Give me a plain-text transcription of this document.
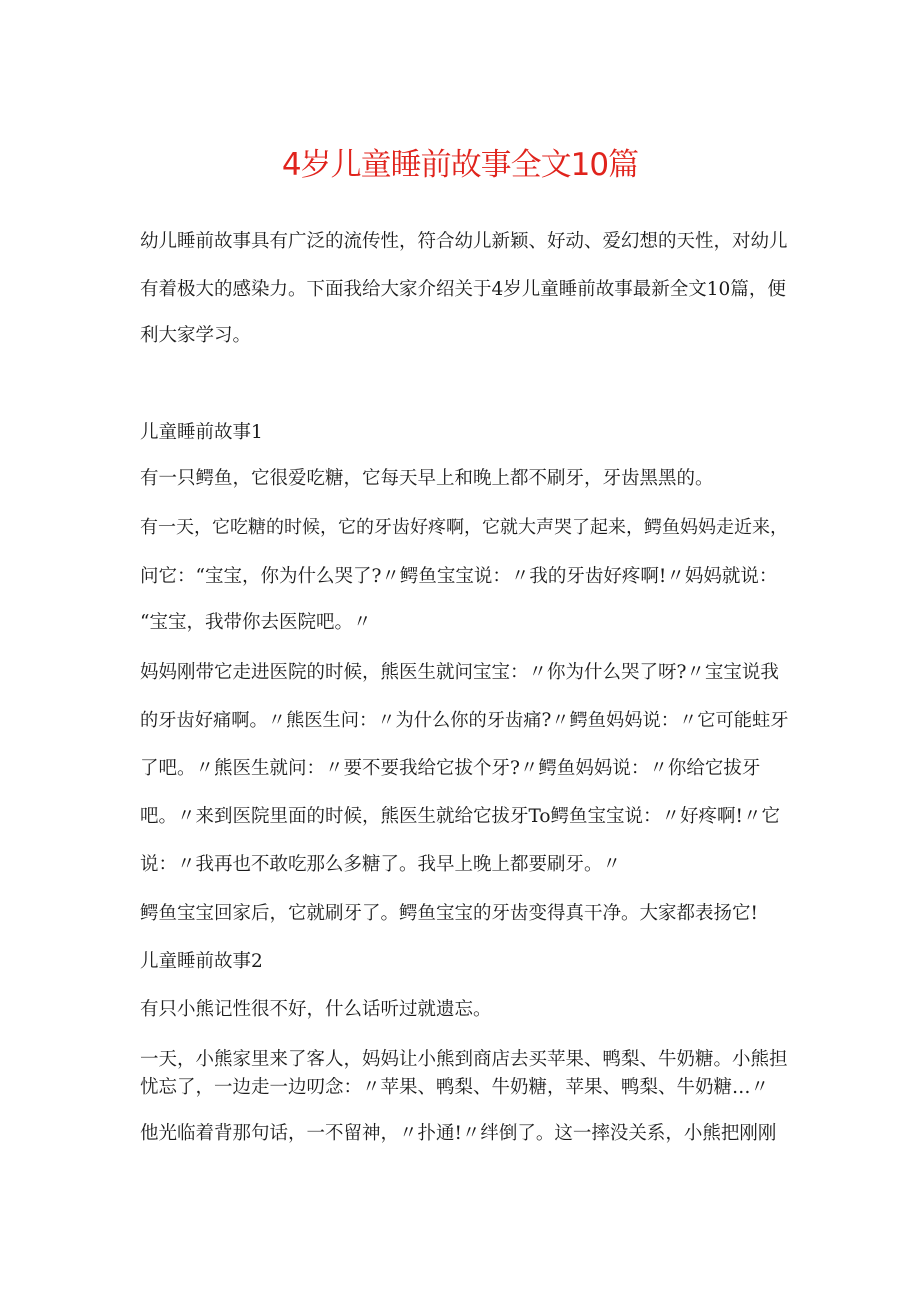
4岁儿童睡前故事全文10篇
幼儿睡前故事具有广泛的流传性，符合幼儿新颖、好动、爱幻想的天性，对幼儿
有着极大的感染力。下面我给大家介绍关于4岁儿童睡前故事最新全文10篇，便
利大家学习。
儿童睡前故事1
有一只鳄鱼，它很爱吃糖，它每天早上和晚上都不刷牙，牙齿黑黑的。
有一天，它吃糖的时候，它的牙齿好疼啊，它就大声哭了起来，鳄鱼妈妈走近来，
问它：“宝宝，你为什么哭了?〃鳄鱼宝宝说：〃我的牙齿好疼啊!〃妈妈就说：
“宝宝，我带你去医院吧。〃
妈妈刚带它走进医院的时候，熊医生就问宝宝：〃你为什么哭了呀?〃宝宝说我
的牙齿好痛啊。〃熊医生问：〃为什么你的牙齿痛?〃鳄鱼妈妈说：〃它可能蛀牙
了吧。〃熊医生就问：〃要不要我给它拔个牙?〃鳄鱼妈妈说：〃你给它拔牙
吧。〃来到医院里面的时候，熊医生就给它拔牙To鳄鱼宝宝说：〃好疼啊!〃它
说：〃我再也不敢吃那么多糖了。我早上晚上都要刷牙。〃
鳄鱼宝宝回家后，它就刷牙了。鳄鱼宝宝的牙齿变得真干净。大家都表扬它!
儿童睡前故事2
有只小熊记性很不好，什么话听过就遗忘。
一天，小熊家里来了客人，妈妈让小熊到商店去买苹果、鸭梨、牛奶糖。小熊担
忧忘了，一边走一边叨念：〃苹果、鸭梨、牛奶糖，苹果、鸭梨、牛奶糖…〃
他光临着背那句话，一不留神，〃扑通!〃绊倒了。这一摔没关系，小熊把刚刚
